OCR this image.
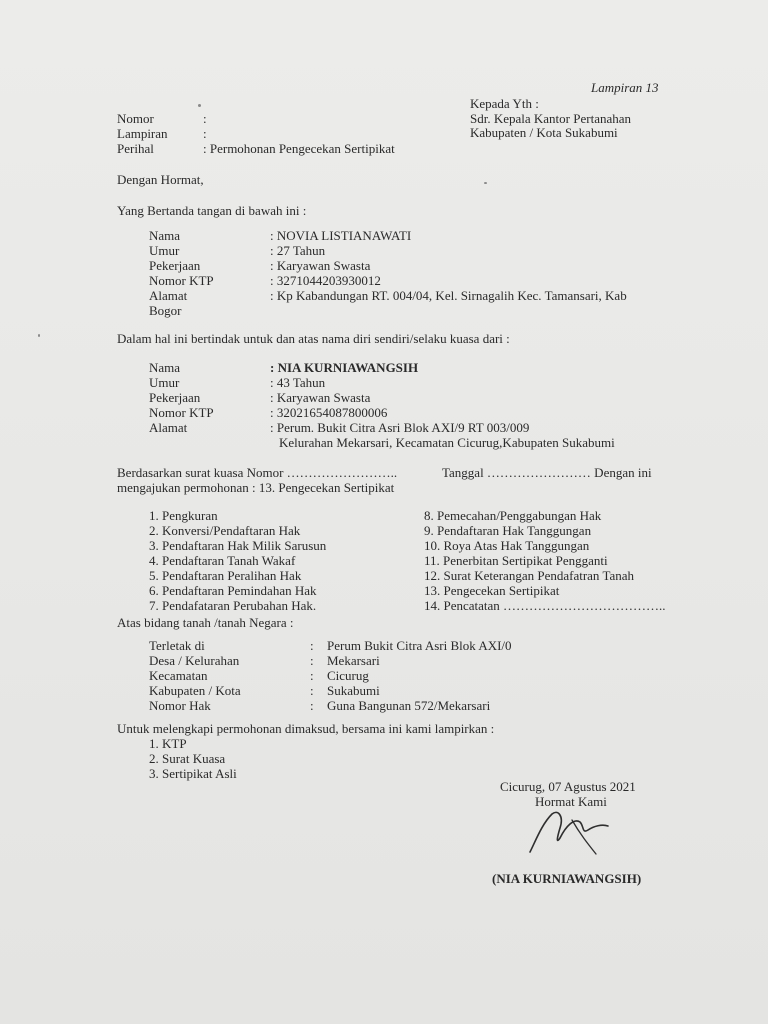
Lampiran 13
Kepada Yth :
Sdr. Kepala Kantor Pertanahan
Kabupaten / Kota Sukabumi
Nomor	:
Lampiran	:
Perihal	: Permohonan Pengecekan Sertipikat
Dengan Hormat,
Yang Bertanda tangan di bawah ini :
Nama	: NOVIA LISTIANAWATI
Umur	: 27 Tahun
Pekerjaan	: Karyawan Swasta
Nomor KTP	: 3271044203930012
Alamat	: Kp Kabandungan RT. 004/04, Kel. Sirnagalih Kec. Tamansari, Kab
Bogor
Dalam hal ini bertindak untuk dan atas nama diri sendiri/selaku kuasa dari :
Nama	: NIA KURNIAWANGSIH
Umur	: 43 Tahun
Pekerjaan	: Karyawan Swasta
Nomor KTP	: 32021654087800006
Alamat	: Perum. Bukit Citra Asri Blok AXI/9 RT 003/009
Kelurahan Mekarsari, Kecamatan Cicurug,Kabupaten Sukabumi
Berdasarkan surat kuasa Nomor ……………………..	Tanggal …………………… Dengan ini
mengajukan permohonan : 13. Pengecekan Sertipikat
1. Pengkuran
2. Konversi/Pendaftaran Hak
3. Pendaftaran Hak Milik Sarusun
4. Pendaftaran Tanah Wakaf
5. Pendaftaran Peralihan Hak
6. Pendaftaran Pemindahan Hak
7. Pendafataran Perubahan Hak.
8. Pemecahan/Penggabungan Hak
9. Pendaftaran Hak Tanggungan
10. Roya Atas Hak Tanggungan
11. Penerbitan Sertipikat Pengganti
12. Surat Keterangan Pendafatran Tanah
13. Pengecekan Sertipikat
14. Pencatatan ………………………………..
Atas bidang tanah /tanah Negara :
Terletak di	: Perum Bukit Citra Asri Blok AXI/0
Desa / Kelurahan	: Mekarsari
Kecamatan	: Cicurug
Kabupaten / Kota	: Sukabumi
Nomor Hak	: Guna Bangunan 572/Mekarsari
Untuk melengkapi permohonan dimaksud, bersama ini kami lampirkan :
1. KTP
2. Surat Kuasa
3. Sertipikat Asli
Cicurug, 07 Agustus 2021
Hormat Kami
(NIA KURNIAWANGSIH)
